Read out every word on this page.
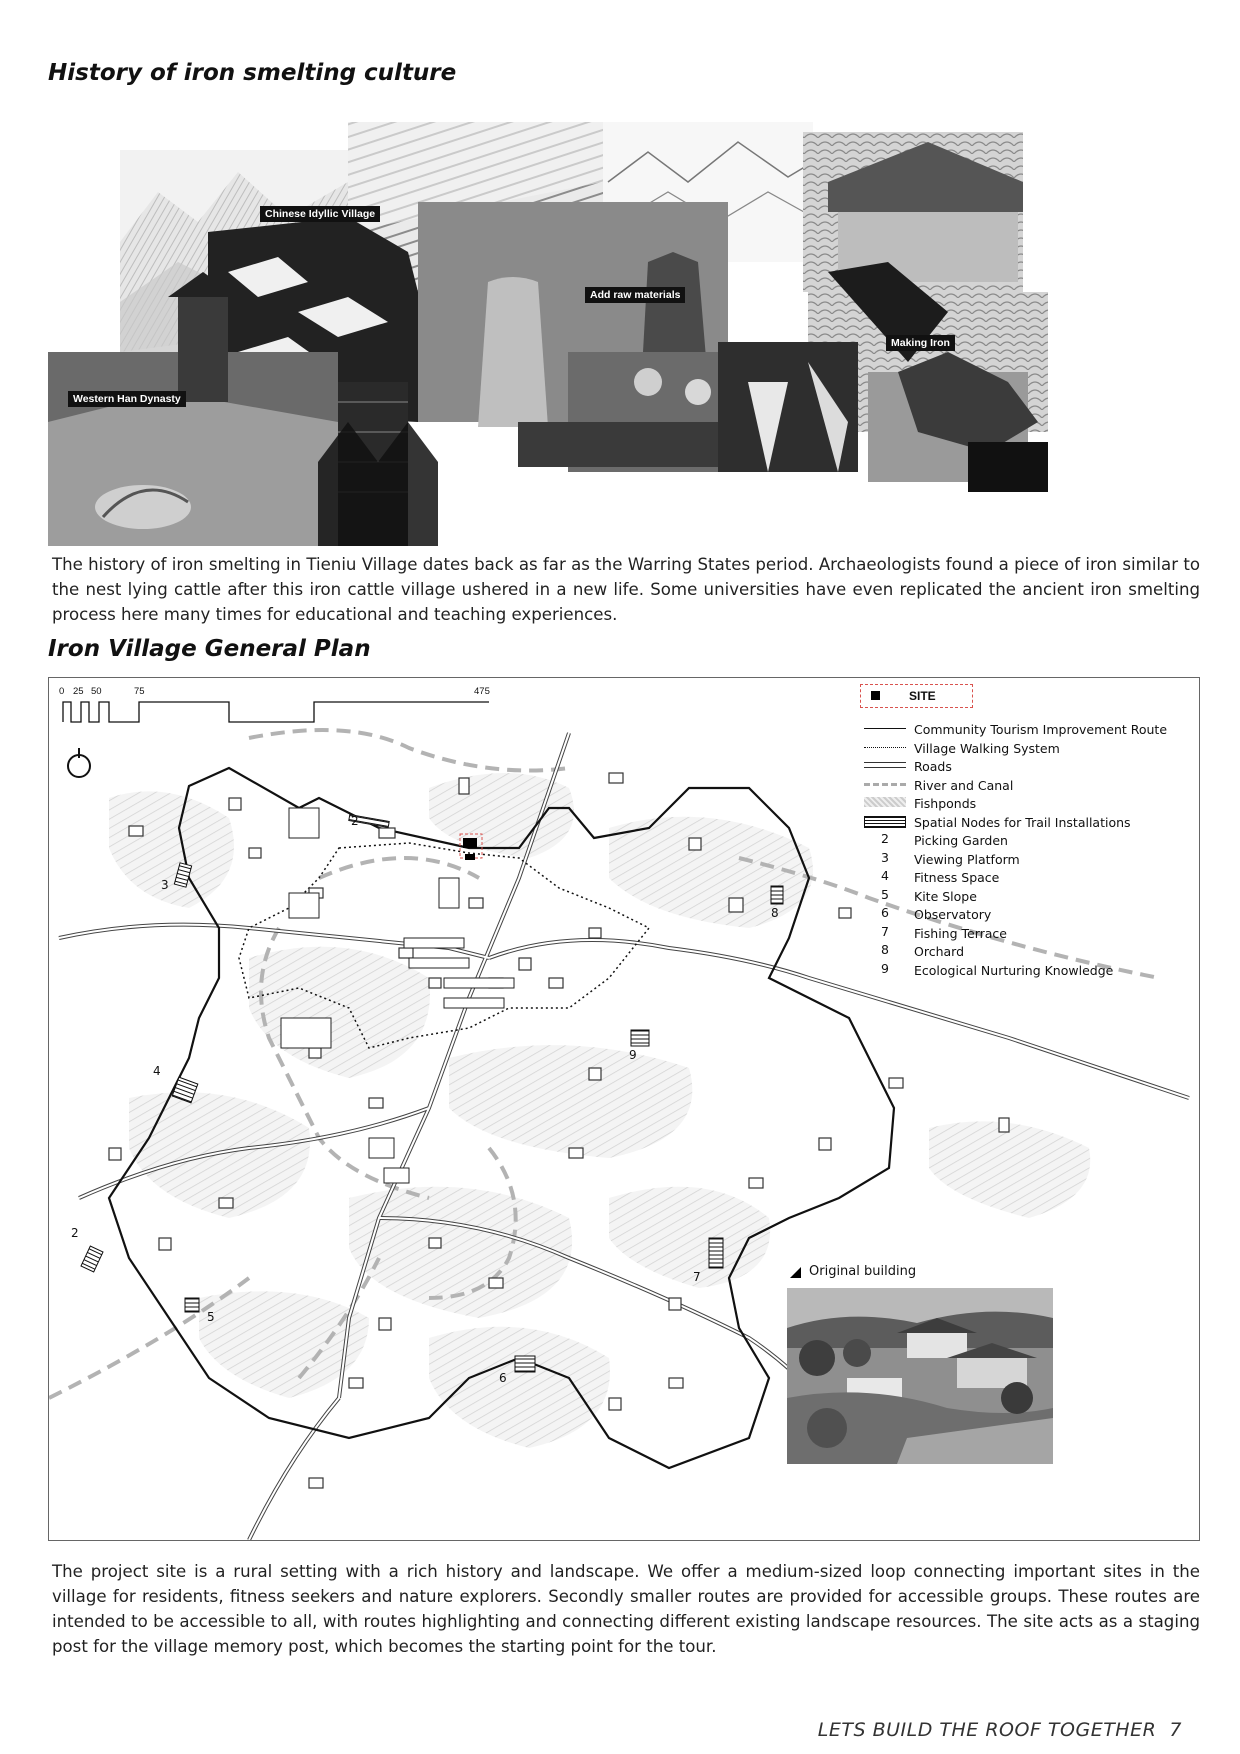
History of iron smelting culture
Chinese Idyllic Village
Add raw materials
Making Iron
Western Han Dynasty

The history of iron smelting in Tieniu Village dates back as far as the Warring States period. Archaeologists found a piece of iron similar to the nest lying cattle after this iron cattle village ushered in a new life. Some universities have even replicated the ancient iron smelting process here many times for educational and teaching experiences.

Iron Village General Plan
0 25 50	75	475	SITE
Community Tourism Improvement Route
Village Walking System
Roads
River and Canal
Fishponds
Spatial Nodes for Trail Installations
2	Picking Garden
3	Viewing Platform
4	Fitness Space
5	Kite Slope
6	Observatory
7	Fishing Terrace
8	Orchard
9	Ecological Nurturing Knowledge
2
3
8
9
4
2
5
6
7	Original building

The project site is a rural setting with a rich history and landscape. We offer a medium-sized loop connecting important sites in the village for residents, fitness seekers and nature explorers. Secondly smaller routes are provided for accessible groups. These routes are intended to be accessible to all, with routes highlighting and connecting different existing landscape resources. The site acts as a staging post for the village memory post, which becomes the starting point for the tour.

LETS BUILD THE ROOF TOGETHER 7
